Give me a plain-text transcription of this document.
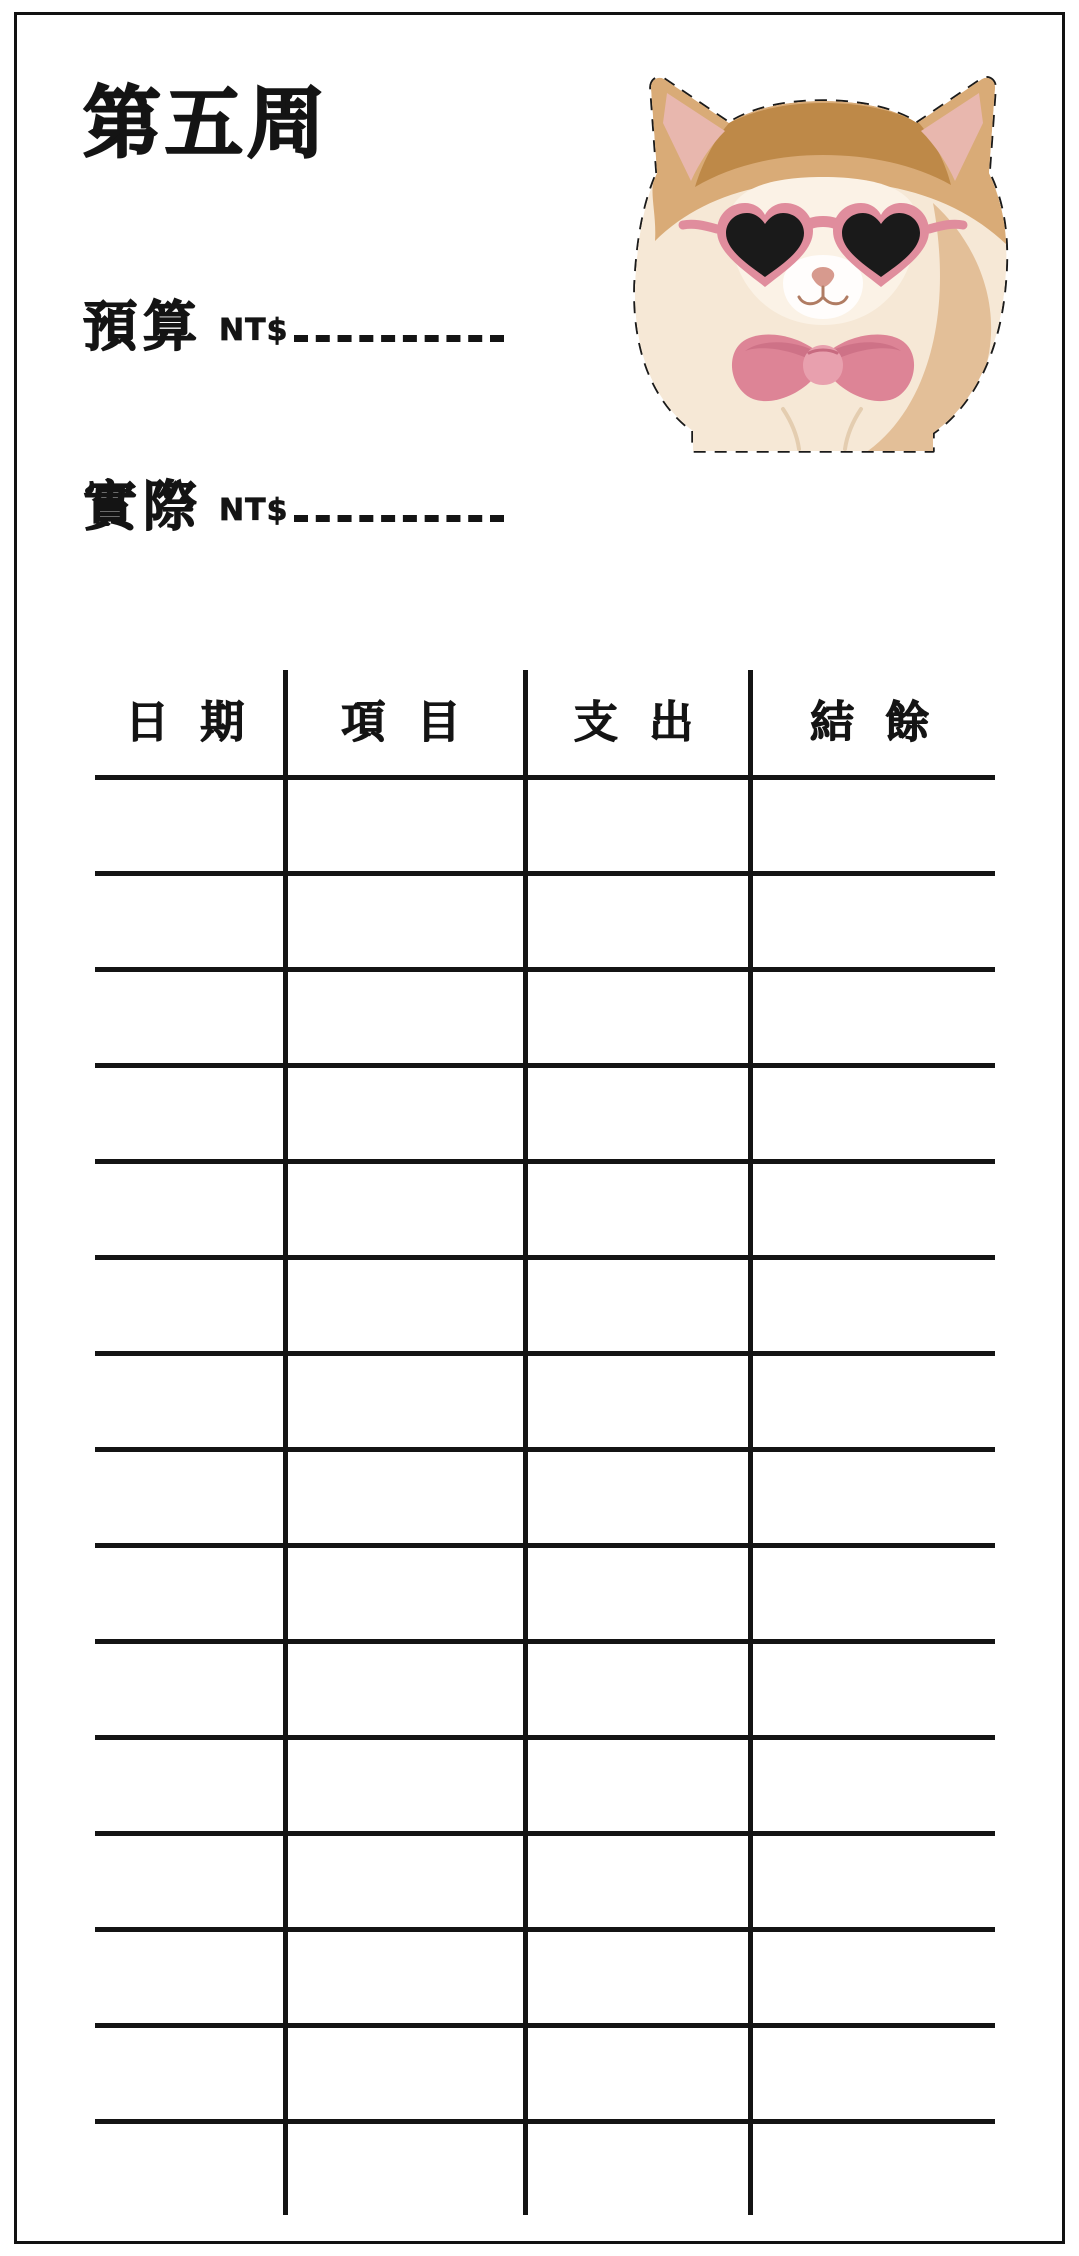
第五周
預算 NT$
實際 NT$
日 期	項 目	支 出	結 餘
